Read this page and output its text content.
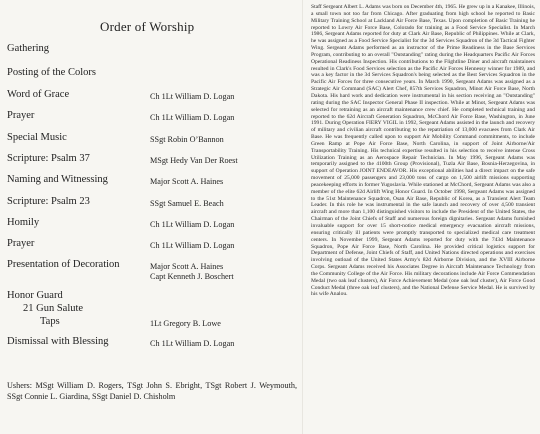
Order of Worship
Gathering
Posting of the Colors
Word of Grace	Ch 1Lt William D. Logan
Prayer	Ch 1Lt William D. Logan
Special Music	SSgt Robin O’Bannon
Scripture: Psalm 37	MSgt Hedy Van Der Roest
Naming and Witnessing	Major Scott A. Haines
Scripture: Psalm 23	SSgt Samuel E. Beach
Homily	Ch 1Lt William D. Logan
Prayer	Ch 1Lt William D. Logan
Presentation of Decoration	Major Scott A. Haines
Capt Kenneth J. Boschert
Honor Guard
21 Gun Salute
Taps	1Lt Gregory B. Lowe
Dismissal with Blessing	Ch 1Lt William D. Logan
Ushers: MSgt William D. Rogers, TSgt John S. Ebright, TSgt Robert J. Weymouth, SSgt Connie L. Giardina, SSgt Daniel D. Chisholm
Staff Sergeant Albert L. Adams was born on December 4th, 1965. He grew up in a Kanakee, Illinois, a small town not too far from Chicago. After graduating from high school he reported to Basic Military Training School at Lackland Air Force Base, Texas. Upon completion of Basic Training he reported to Lowry Air Force Base, Colorado for training as a Food Service Specialist. In March 1986, Sergeant Adams reported for duty at Clark Air Base, Republic of Philippines. While at Clark, he was assigned as a Food Service Specialist for the 3d Services Squadron of the 3d Tactical Fighter Wing. Sergeant Adams performed as an instructor of the Prime Readiness in the Base Services Program, contributing to an overall "Outstanding" rating during the Headquarters Pacific Air Forces Operational Readiness Inspection. His contributions to the Flightline Diner and aircraft maintainers resulted in Clark's Food Services selection as the Pacific Air Forces Hennessy winner for 1989, and was a key factor in the 3d Services Squadron's being selected as the Best Services Squadron in the Pacific Air Forces for three consecutive years. In March 1990, Sergeant Adams was assigned as a Strategic Air Command (SAC) Alert Chef, 857th Services Squadron, Minot Air Force Base, North Dakota. His hard work and dedication were instrumental in his section receiving an "Outstanding" rating during the SAC Inspector General Phase II inspection. While at Minot, Sergeant Adams was selected for retraining as an aircraft maintenance crew chief. He completed technical training and reported to the 62d Aircraft Generation Squadron, McChord Air Force Base, Washington, in June 1991. During Operation FIERY VIGIL in 1992, Sergeant Adams assisted in the launch and recovery of military and civilian aircraft contributing to the repatriation of 13,000 evacuees from Clark Air Base. He was frequently called upon to support Air Mobility Command commitments, to include Green Ramp at Pope Air Force Base, North Carolina, in support of Joint Airborne/Air Transportability Training. His technical expertise resulted in his selection to receive intense Cross Utilization Training as an Aerospace Repair Technician. In May 1996, Sergeant Adams was temporarily assigned to the 4100th Group (Provisional), Tuzla Air Base, Bosnia-Herzegovina, in support of Operation JOINT ENDEAVOR. His exceptional abilities had a direct impact on the safe movement of 25,000 passengers and 23,000 tons of cargo on 1,500 airlift missions supporting peacekeeping efforts in former Yugoslavia. While stationed at McChord, Sergeant Adams was also a member of the elite 62d Airlift Wing Honor Guard. In October 1998, Sergeant Adams was assigned to the 51st Maintenance Squadron, Osan Air Base, Republic of Korea, as a Transient Alert Team Leader. In this role he was instrumental in the safe launch and recovery of over 4,500 transient aircraft and more than 1,100 distinguished visitors to include the President of the United States, the Chairman of the Joint Chiefs of Staff and numerous foreign dignitaries. Sergeant Adams furnished invaluable support for over 15 short-notice medical emergency evacuation aircraft missions, ensuring critically ill patients were promptly transported to specialized medical care treatment centers. In November 1999, Sergeant Adams reported for duty with the 743d Maintenance Squadron, Pope Air Force Base, North Carolina. He provided critical logistics support for Department of Defense, Joint Chiefs of Staff, and United Nations directed operations and exercises involving outload of the United States Army's 82d Airborne Division, and the XVIII Airborne Corps. Sergeant Adams received his Associates Degree in Aircraft Maintenance Technology from the Community College of the Air Force. His military decorations include Air Force Commendation Medal (two oak leaf clusters), Air Force Achievement Medal (one oak leaf cluster), Air Force Good Conduct Medal (three oak leaf clusters), and the National Defense Service Medal. He is survived by his wife Analou.
